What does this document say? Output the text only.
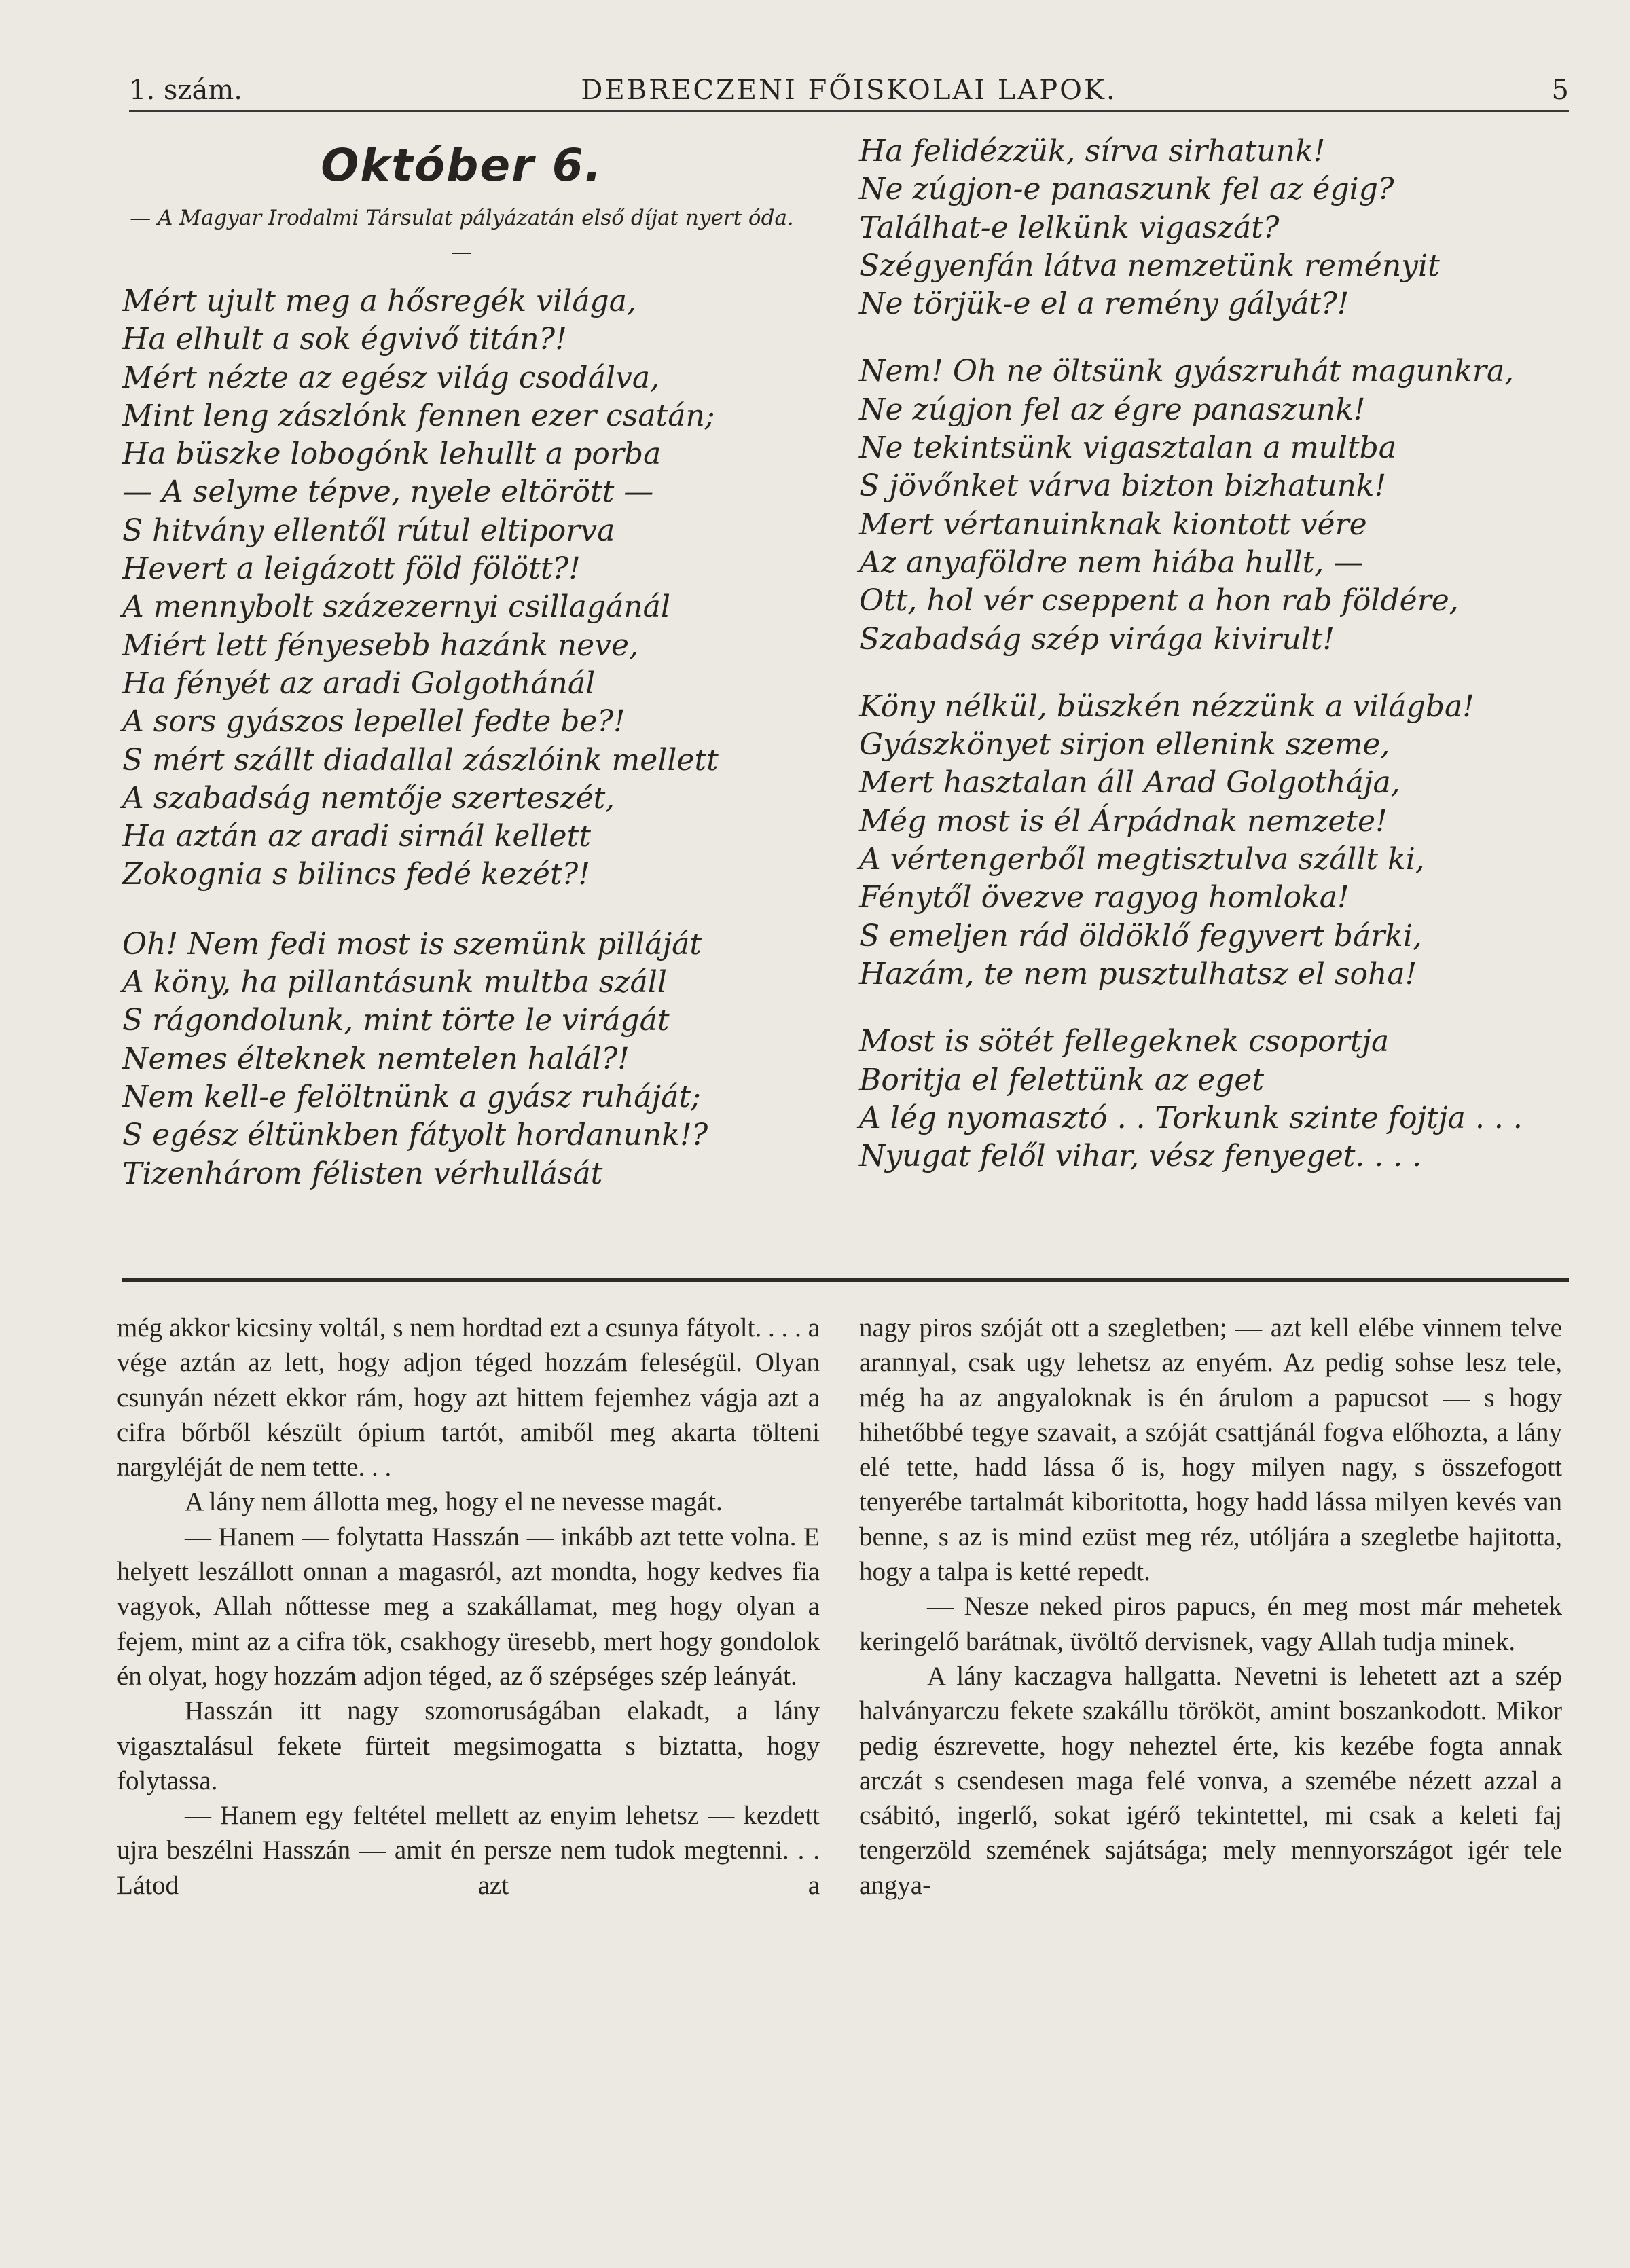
1. szám.	DEBRECZENI FŐISKOLAI LAPOK.	5
Október 6.
— A Magyar Irodalmi Társulat pályázatán első díjat nyert óda. —
Mért ujult meg a hősregék világa,
Ha elhult a sok égvivő titán?!
Mért nézte az egész világ csodálva,
Mint leng zászlónk fennen ezer csatán;
Ha büszke lobogónk lehullt a porba
— A selyme tépve, nyele eltörött —
S hitvány ellentől rútul eltiporva
Hevert a leigázott föld fölött?!
A mennybolt százezernyi csillagánál
Miért lett fényesebb hazánk neve,
Ha fényét az aradi Golgothánál
A sors gyászos lepellel fedte be?!
S mért szállt diadallal zászlóink mellett
A szabadság nemtője szerteszét,
Ha aztán az aradi sirnál kellett
Zokognia s bilincs fedé kezét?!
Oh! Nem fedi most is szemünk pilláját
A köny, ha pillantásunk multba száll
S rágondolunk, mint törte le virágát
Nemes élteknek nemtelen halál?!
Nem kell-e felöltnünk a gyász ruháját;
S egész éltünkben fátyolt hordanunk!?
Tizenhárom félisten vérhullását
Ha felidézzük, sírva sirhatunk!
Ne zúgjon-e panaszunk fel az égig?
Találhat-e lelkünk vigaszát?
Szégyenfán látva nemzetünk reményit
Ne törjük-e el a remény gályát?!
Nem! Oh ne öltsünk gyászruhát magunkra,
Ne zúgjon fel az égre panaszunk!
Ne tekintsünk vigasztalan a multba
S jövőnket várva bizton bizhatunk!
Mert vértanuinknak kiontott vére
Az anyaföldre nem hiába hullt, —
Ott, hol vér cseppent a hon rab földére,
Szabadság szép virága kivirult!
Köny nélkül, büszkén nézzünk a világba!
Gyászkönyet sirjon ellenink szeme,
Mert hasztalan áll Arad Golgothája,
Még most is él Árpádnak nemzete!
A vértengerből megtisztulva szállt ki,
Fénytől övezve ragyog homloka!
S emeljen rád öldöklő fegyvert bárki,
Hazám, te nem pusztulhatsz el soha!
Most is sötét fellegeknek csoportja
Boritja el felettünk az eget
A lég nyomasztó . . Torkunk szinte fojtja . . .
Nyugat felől vihar, vész fenyeget. . . .

még akkor kicsiny voltál, s nem hordtad ezt a csunya fátyolt. . . . a vége aztán az lett, hogy adjon téged hozzám feleségül. Olyan csunyán nézett ekkor rám, hogy azt hittem fejemhez vágja azt a cifra bőrből készült ópium tartót, amiből meg akarta tölteni nargyléját de nem tette. . .

A lány nem állotta meg, hogy el ne nevesse magát.

— Hanem — folytatta Hasszán — inkább azt tette volna. E helyett leszállott onnan a magasról, azt mondta, hogy kedves fia vagyok, Allah nőttesse meg a szakállamat, meg hogy olyan a fejem, mint az a cifra tök, csakhogy üresebb, mert hogy gondolok én olyat, hogy hozzám adjon téged, az ő szépséges szép leányát.

Hasszán itt nagy szomoruságában elakadt, a lány vigasztalásul fekete fürteit megsimogatta s biztatta, hogy folytassa.

— Hanem egy feltétel mellett az enyim lehetsz — kezdett ujra beszélni Hasszán — amit én persze nem tudok megtenni. . . Látod azt a

nagy piros szóját ott a szegletben; — azt kell elébe vinnem telve arannyal, csak ugy lehetsz az enyém. Az pedig sohse lesz tele, még ha az angyaloknak is én árulom a papucsot — s hogy hihetőbbé tegye szavait, a szóját csattjánál fogva előhozta, a lány elé tette, hadd lássa ő is, hogy milyen nagy, s összefogott tenyerébe tartalmát kiboritotta, hogy hadd lássa milyen kevés van benne, s az is mind ezüst meg réz, utóljára a szegletbe hajitotta, hogy a talpa is ketté repedt.

— Nesze neked piros papucs, én meg most már mehetek keringelő barátnak, üvöltő dervisnek, vagy Allah tudja minek.

A lány kaczagva hallgatta. Nevetni is lehetett azt a szép halványarczu fekete szakállu törököt, amint boszankodott. Mikor pedig észrevette, hogy neheztel érte, kis kezébe fogta annak arczát s csendesen maga felé vonva, a szemébe nézett azzal a csábitó, ingerlő, sokat igérő tekintettel, mi csak a keleti faj tengerzöld szemének sajátsága; mely mennyországot igér tele angya-
